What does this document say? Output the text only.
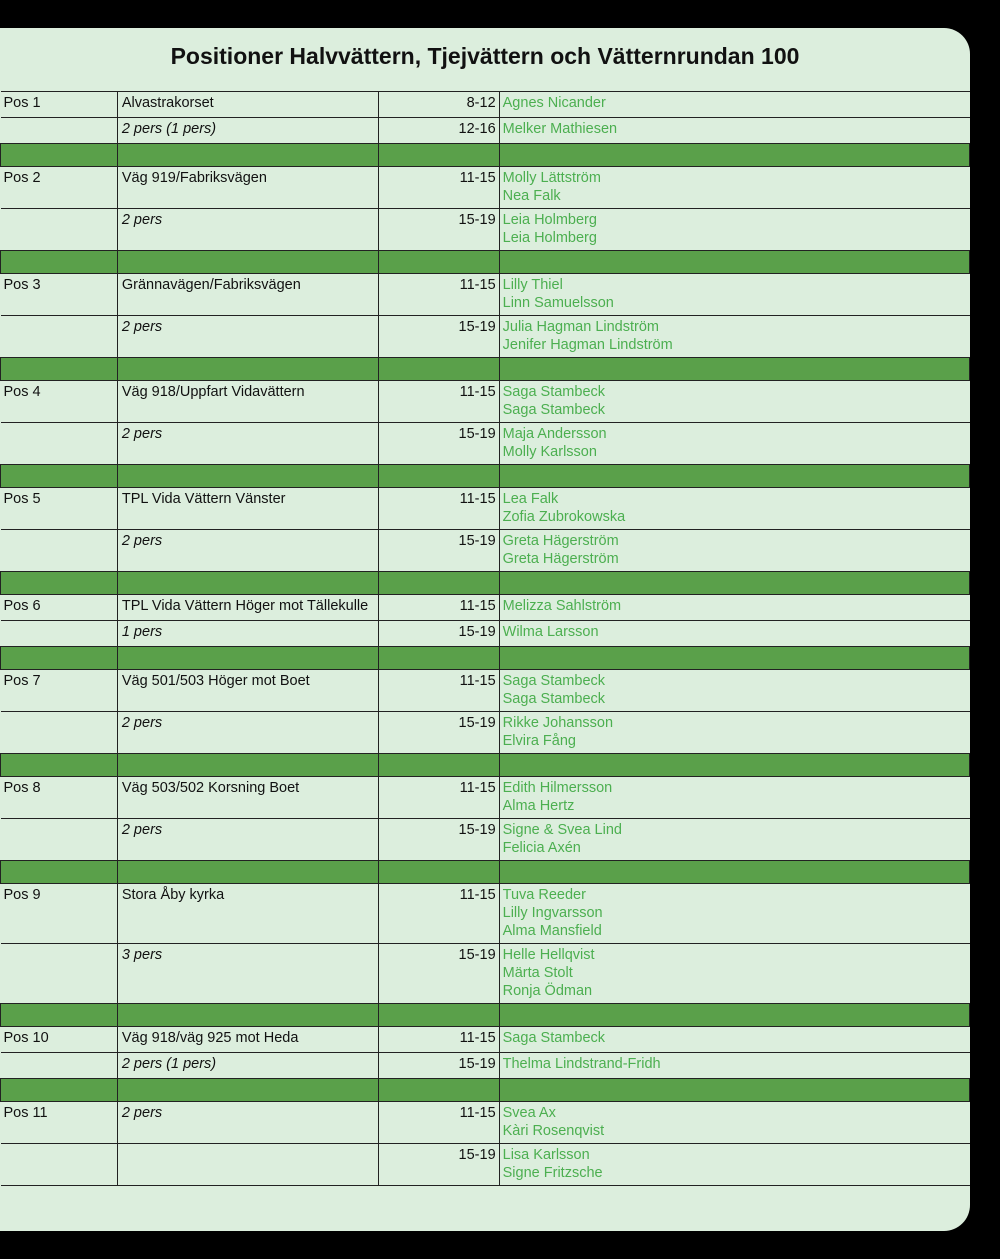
Positioner Halvvättern, Tjejvättern och Vätternrundan 100
Pos 1	Alvastrakorset	8-12	Agnes Nicander

	2 pers (1 pers)	12-16	Melker Mathiesen

Pos 2	Väg 919/Fabriksvägen	11-15	Molly Lättström
Nea Falk

	2 pers	15-19	Leia Holmberg
Leia Holmberg

Pos 3	Grännavägen/Fabriksvägen	11-15	Lilly Thiel
Linn Samuelsson

	2 pers	15-19	Julia Hagman Lindström
Jenifer Hagman Lindström

Pos 4	Väg 918/Uppfart Vidavättern	11-15	Saga Stambeck
Saga Stambeck

	2 pers	15-19	Maja Andersson
Molly Karlsson

Pos 5	TPL Vida Vättern Vänster	11-15	Lea Falk
Zofia Zubrokowska

	2 pers	15-19	Greta Hägerström
Greta Hägerström

Pos 6	TPL Vida Vättern Höger mot Tällekulle	11-15	Melizza Sahlström

	1 pers	15-19	Wilma Larsson

Pos 7	Väg 501/503 Höger mot Boet	11-15	Saga Stambeck
Saga Stambeck

	2 pers	15-19	Rikke Johansson
Elvira Fång

Pos 8	Väg 503/502 Korsning Boet	11-15	Edith Hilmersson
Alma Hertz

	2 pers	15-19	Signe & Svea Lind
Felicia Axén

Pos 9	Stora Åby kyrka	11-15	Tuva Reeder
Lilly Ingvarsson
Alma Mansfield

	3 pers	15-19	Helle Hellqvist
Märta Stolt
Ronja Ödman

Pos 10	Väg 918/väg 925 mot Heda	11-15	Saga Stambeck

	2 pers (1 pers)	15-19	Thelma Lindstrand-Fridh

Pos 11	2 pers	11-15	Svea Ax
Kàri Rosenqvist

		15-19	Lisa Karlsson
Signe Fritzsche
